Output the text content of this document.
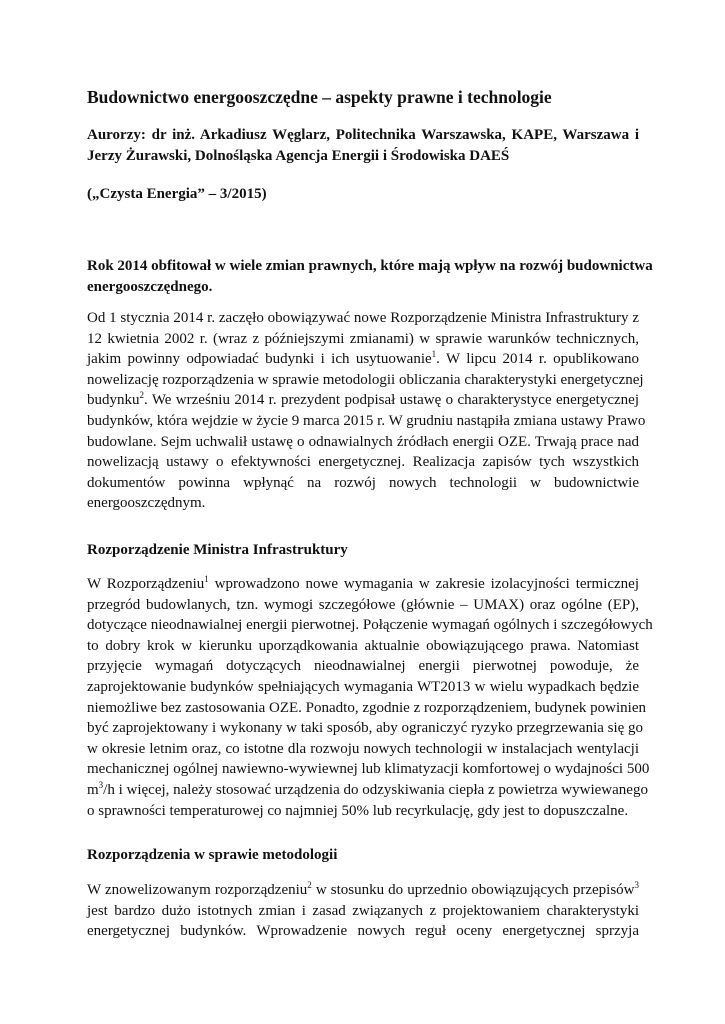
Budownictwo energooszczędne – aspekty prawne i technologie

Aurorzy: dr inż. Arkadiusz Węglarz, Politechnika Warszawska, KAPE, Warszawa i
Jerzy Żurawski, Dolnośląska Agencja Energii i Środowiska DAEŚ

(„Czysta Energia” – 3/2015)

Rok 2014 obfitował w wiele zmian prawnych, które mają wpływ na rozwój budownictwa
energooszczędnego.

Od 1 stycznia 2014 r. zaczęło obowiązywać nowe Rozporządzenie Ministra Infrastruktury z
12 kwietnia 2002 r. (wraz z późniejszymi zmianami) w sprawie warunków technicznych,
jakim powinny odpowiadać budynki i ich usytuowanie$^1$. W lipcu 2014 r. opublikowano
nowelizację rozporządzenia w sprawie metodologii obliczania charakterystyki energetycznej
budynku$^2$. We wrześniu 2014 r. prezydent podpisał ustawę o charakterystyce energetycznej
budynków, która wejdzie w życie 9 marca 2015 r. W grudniu nastąpiła zmiana ustawy Prawo
budowlane. Sejm uchwalił ustawę o odnawialnych źródłach energii OZE. Trwają prace nad
nowelizacją ustawy o efektywności energetycznej. Realizacja zapisów tych wszystkich
dokumentów powinna wpłynąć na rozwój nowych technologii w budownictwie
energooszczędnym.

Rozporządzenie Ministra Infrastruktury

W Rozporządzeniu$^1$ wprowadzono nowe wymagania w zakresie izolacyjności termicznej
przegród budowlanych, tzn. wymogi szczegółowe (głównie – UMAX) oraz ogólne (EP),
dotyczące nieodnawialnej energii pierwotnej. Połączenie wymagań ogólnych i szczegółowych
to dobry krok w kierunku uporządkowania aktualnie obowiązującego prawa. Natomiast
przyjęcie wymagań dotyczących nieodnawialnej energii pierwotnej powoduje, że
zaprojektowanie budynków spełniających wymagania WT2013 w wielu wypadkach będzie
niemożliwe bez zastosowania OZE. Ponadto, zgodnie z rozporządzeniem, budynek powinien
być zaprojektowany i wykonany w taki sposób, aby ograniczyć ryzyko przegrzewania się go
w okresie letnim oraz, co istotne dla rozwoju nowych technologii w instalacjach wentylacji
mechanicznej ogólnej nawiewno-wywiewnej lub klimatyzacji komfortowej o wydajności 500
$m^3/h$ i więcej, należy stosować urządzenia do odzyskiwania ciepła z powietrza wywiewanego
o sprawności temperaturowej co najmniej 50% lub recyrkulację, gdy jest to dopuszczalne.

Rozporządzenia w sprawie metodologii

W znowelizowanym rozporządzeniu$^2$ w stosunku do uprzednio obowiązujących przepisów$^3$
jest bardzo dużo istotnych zmian i zasad związanych z projektowaniem charakterystyki
energetycznej budynków. Wprowadzenie nowych reguł oceny energetycznej sprzyja
